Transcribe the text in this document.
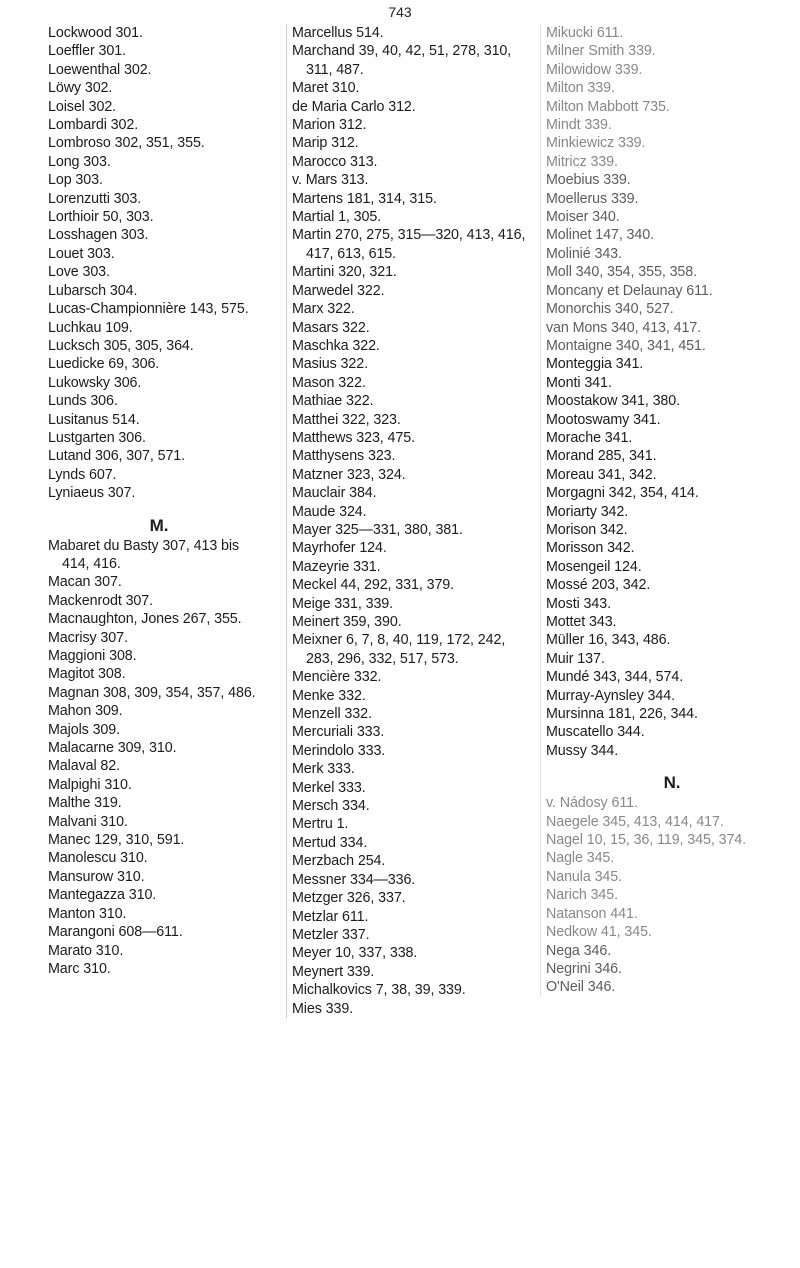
743

Lockwood 301.

Loeffler 301.

Loewenthal 302.

Löwy 302.

Loisel 302.

Lombardi 302.

Lombroso 302, 351, 355.

Long 303.

Lop 303.

Lorenzutti 303.

Lorthioir 50, 303.

Losshagen 303.

Louet 303.

Love 303.

Lubarsch 304.

Lucas-Championnière 143, 575.

Luchkau 109.

Lucksch 305, 305, 364.

Luedicke 69, 306.

Lukowsky 306.

Lunds 306.

Lusitanus 514.

Lustgarten 306.

Lutand 306, 307, 571.

Lynds 607.

Lyniaeus 307.

M.

Mabaret du Basty 307, 413 bis 414, 416.

Macan 307.

Mackenrodt 307.

Macnaughton, Jones 267, 355.

Macrisy 307.

Maggioni 308.

Magitot 308.

Magnan 308, 309, 354, 357, 486.

Mahon 309.

Majols 309.

Malacarne 309, 310.

Malaval 82.

Malpighi 310.

Malthe 319.

Malvani 310.

Manec 129, 310, 591.

Manolescu 310.

Mansurow 310.

Mantegazza 310.

Manton 310.

Marangoni 608—611.

Marato 310.

Marc 310.

Marcellus 514.

Marchand 39, 40, 42, 51, 278, 310, 311, 487.

Maret 310.

de Maria Carlo 312.

Marion 312.

Marip 312.

Marocco 313.

v. Mars 313.

Martens 181, 314, 315.

Martial 1, 305.

Martin 270, 275, 315—320, 413, 416, 417, 613, 615.

Martini 320, 321.

Marwedel 322.

Marx 322.

Masars 322.

Maschka 322.

Masius 322.

Mason 322.

Mathiae 322.

Matthei 322, 323.

Matthews 323, 475.

Matthysens 323.

Matzner 323, 324.

Mauclair 384.

Maude 324.

Mayer 325—331, 380, 381.

Mayrhofer 124.

Mazeyrie 331.

Meckel 44, 292, 331, 379.

Meige 331, 339.

Meinert 359, 390.

Meixner 6, 7, 8, 40, 119, 172, 242, 283, 296, 332, 517, 573.

Mencière 332.

Menke 332.

Menzell 332.

Mercuriali 333.

Merindolo 333.

Merk 333.

Merkel 333.

Mersch 334.

Mertru 1.

Mertud 334.

Merzbach 254.

Messner 334—336.

Metzger 326, 337.

Metzlar 611.

Metzler 337.

Meyer 10, 337, 338.

Meynert 339.

Michalkovics 7, 38, 39, 339.

Mies 339.

Mikucki 611.

Milner Smith 339.

Milowidow 339.

Milton 339.

Milton Mabbott 735.

Mindt 339.

Minkiewicz 339.

Mitricz 339.

Moebius 339.

Moellerus 339.

Moiser 340.

Molinet 147, 340.

Molinié 343.

Moll 340, 354, 355, 358.

Moncany et Delaunay 611.

Monorchis 340, 527.

van Mons 340, 413, 417.

Montaigne 340, 341, 451.

Monteggia 341.

Monti 341.

Moostakow 341, 380.

Mootoswamy 341.

Morache 341.

Morand 285, 341.

Moreau 341, 342.

Morgagni 342, 354, 414.

Moriarty 342.

Morison 342.

Morisson 342.

Mosengeil 124.

Mossé 203, 342.

Mosti 343.

Mottet 343.

Müller 16, 343, 486.

Muir 137.

Mundé 343, 344, 574.

Murray-Aynsley 344.

Mursinna 181, 226, 344.

Muscatello 344.

Mussy 344.

N.

v. Nádosy 611.

Naegele 345, 413, 414, 417.

Nagel 10, 15, 36, 119, 345, 374.

Nagle 345.

Nanula 345.

Narich 345.

Natanson 441.

Nedkow 41, 345.

Nega 346.

Negrini 346.

O'Neil 346.
